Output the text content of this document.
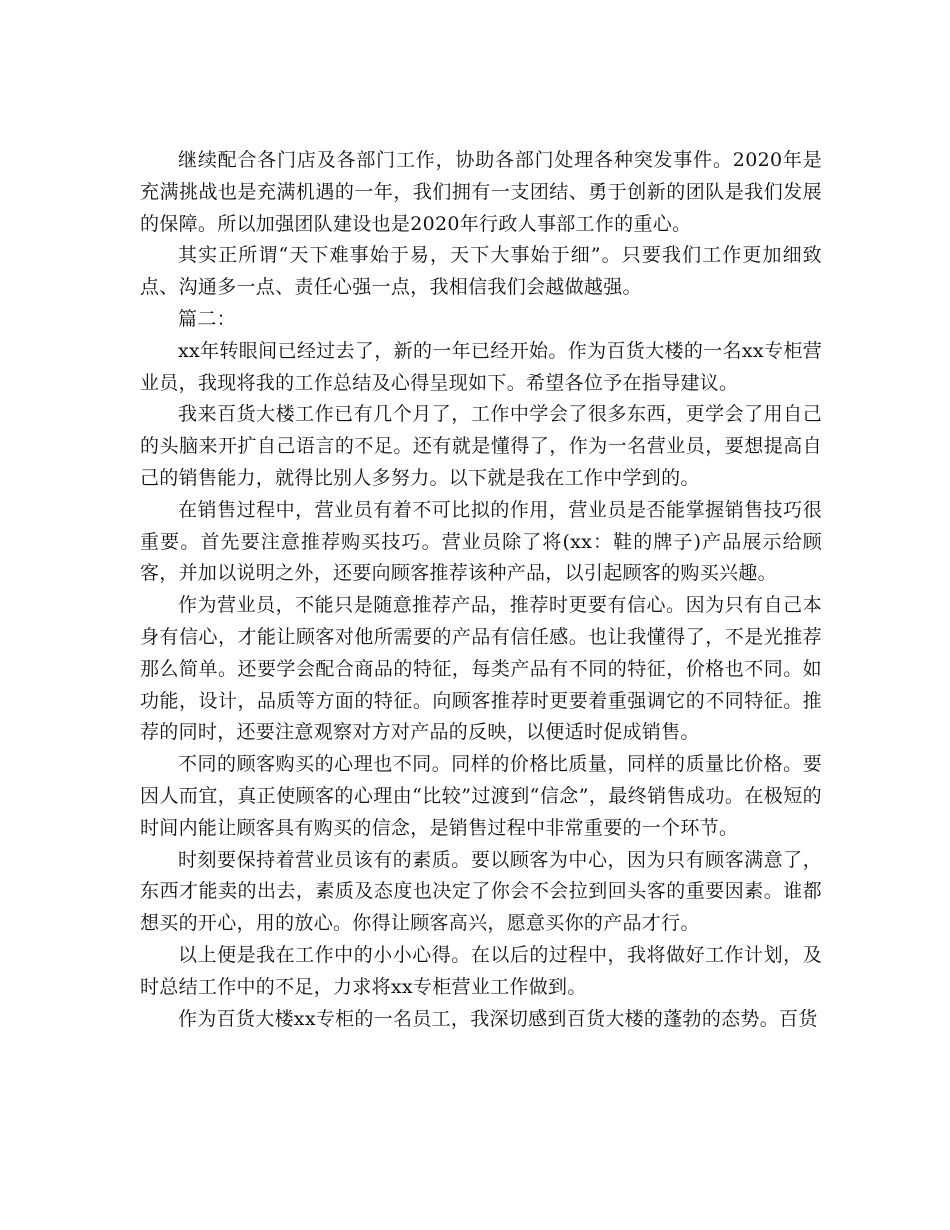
继续配合各门店及各部门工作，协助各部门处理各种突发事件。2020年是充满挑战也是充满机遇的一年，我们拥有一支团结、勇于创新的团队是我们发展的保障。所以加强团队建设也是2020年行政人事部工作的重心。

其实正所谓“天下难事始于易，天下大事始于细”。只要我们工作更加细致点、沟通多一点、责任心强一点，我相信我们会越做越强。

篇二：

xx年转眼间已经过去了，新的一年已经开始。作为百货大楼的一名xx专柜营业员，我现将我的工作总结及心得呈现如下。希望各位予在指导建议。

我来百货大楼工作已有几个月了，工作中学会了很多东西，更学会了用自己的头脑来开扩自己语言的不足。还有就是懂得了，作为一名营业员，要想提高自己的销售能力，就得比别人多努力。以下就是我在工作中学到的。

在销售过程中，营业员有着不可比拟的作用，营业员是否能掌握销售技巧很重要。首先要注意推荐购买技巧。营业员除了将(xx：鞋的牌子)产品展示给顾客，并加以说明之外，还要向顾客推荐该种产品，以引起顾客的购买兴趣。

作为营业员，不能只是随意推荐产品，推荐时更要有信心。因为只有自己本身有信心，才能让顾客对他所需要的产品有信任感。也让我懂得了，不是光推荐那么简单。还要学会配合商品的特征，每类产品有不同的特征，价格也不同。如功能，设计，品质等方面的特征。向顾客推荐时更要着重强调它的不同特征。推荐的同时，还要注意观察对方对产品的反映，以便适时促成销售。

不同的顾客购买的心理也不同。同样的价格比质量，同样的质量比价格。要因人而宜，真正使顾客的心理由“比较”过渡到“信念”，最终销售成功。在极短的时间内能让顾客具有购买的信念，是销售过程中非常重要的一个环节。

时刻要保持着营业员该有的素质。要以顾客为中心，因为只有顾客满意了，东西才能卖的出去，素质及态度也决定了你会不会拉到回头客的重要因素。谁都想买的开心，用的放心。你得让顾客高兴，愿意买你的产品才行。

以上便是我在工作中的小小心得。在以后的过程中，我将做好工作计划，及时总结工作中的不足，力求将xx专柜营业工作做到。

作为百货大楼xx专柜的一名员工，我深切感到百货大楼的蓬勃的态势。百货
